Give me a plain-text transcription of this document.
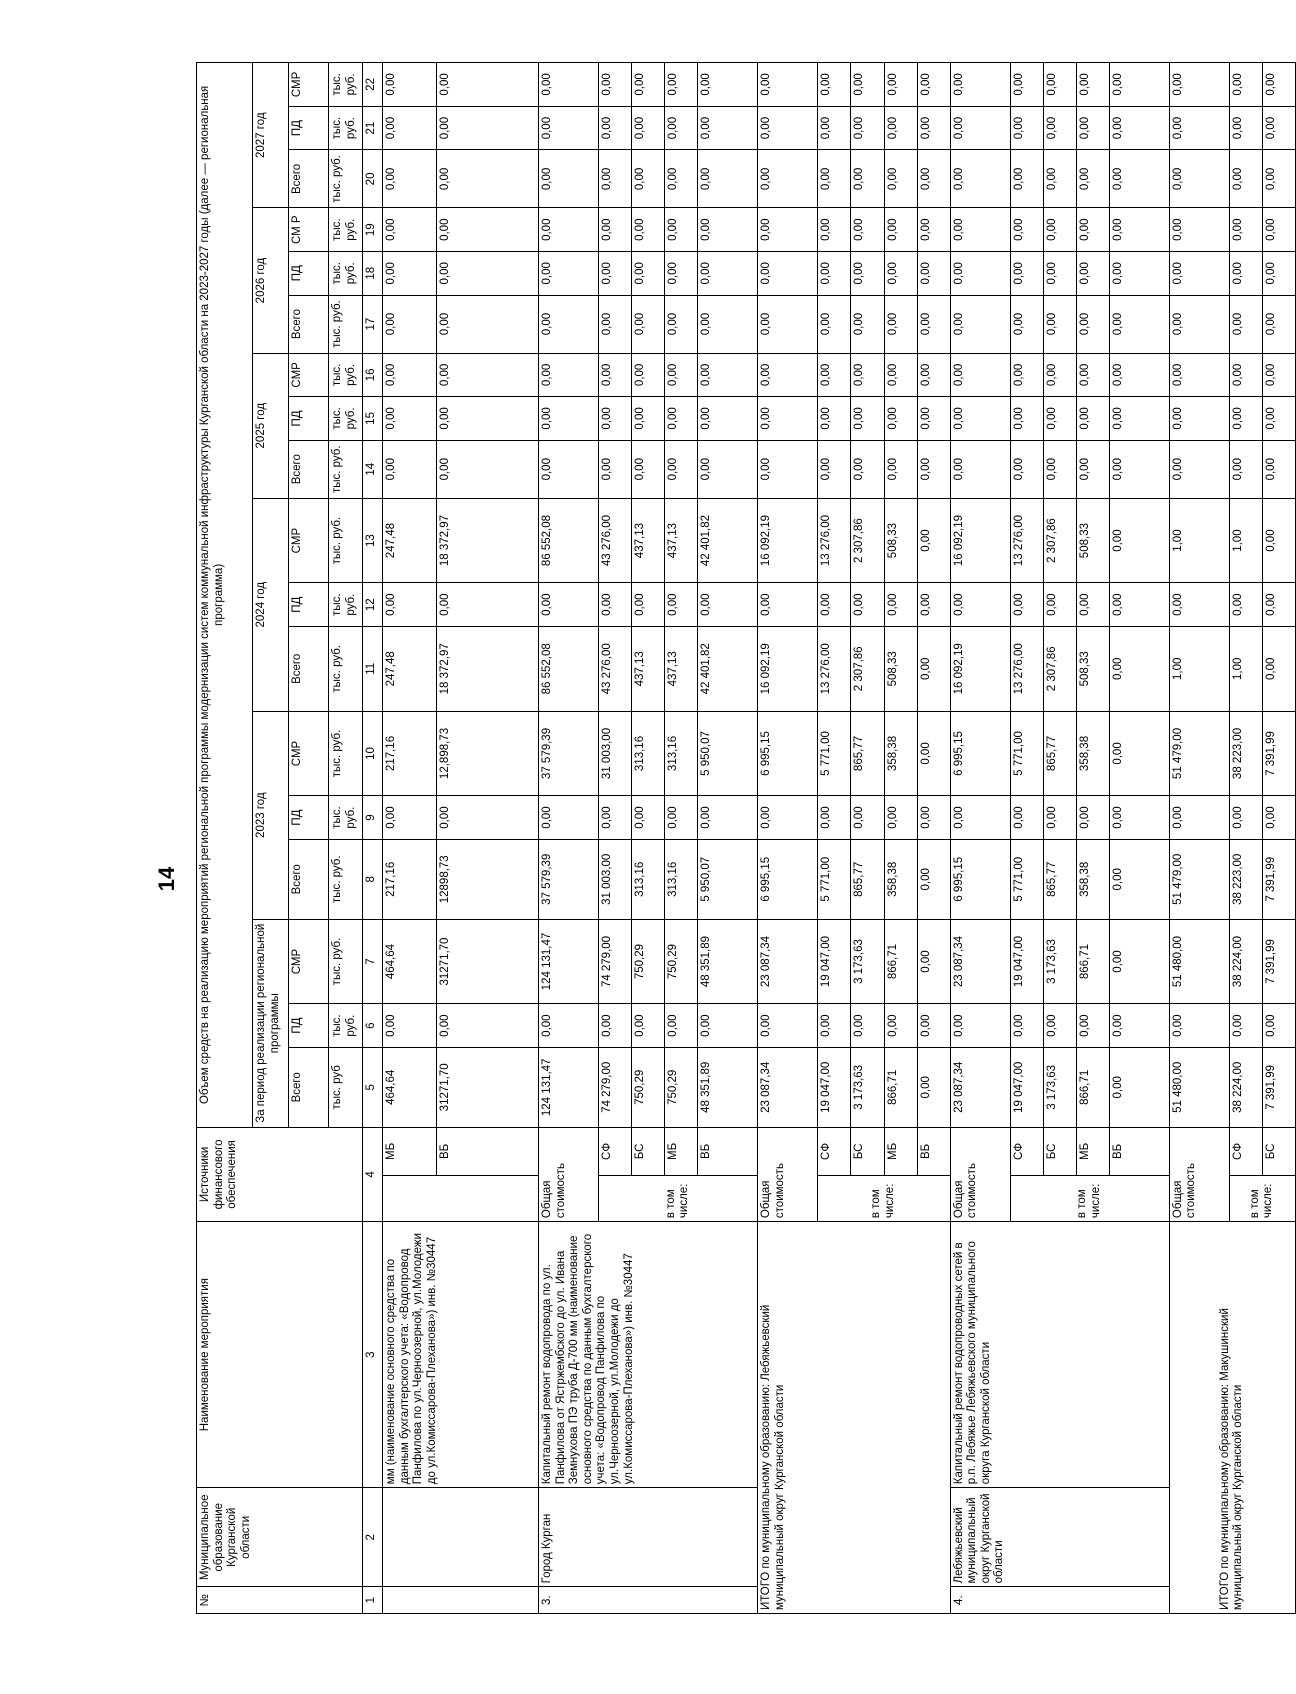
14
№	Муниципальное образование Курганской области	Наименование мероприятия	Источники финансового обеспечения		Объем средств на реализацию мероприятий региональной программы модернизации систем коммунальной инфраструктуры Курганской области на 2023-2027 годы (далее — региональная программа)																	
					За период реализации региональной программы			2023 год			2024 год			2025 год			2026 год			2027 год		
					Всего	ПД	СМР	Всего	ПД	СМР	Всего	ПД	СМР	Всего	ПД	СМР	Всего	ПД	СМ Р	Всего	ПД	СМР
					тыс. руб	тыс. руб.	тыс. руб.	тыс. руб.	тыс. руб.	тыс. руб.	тыс. руб.	тыс. руб.	тыс. руб.	тыс. руб.	тыс. руб.	тыс. руб.	тыс. руб.	тыс. руб.	тыс. руб.	тыс. руб.	тыс. руб.	тыс. руб.
1	2	3	4		5	6	7	8	9	10	11	12	13	14	15	16	17	18	19	20	21	22
		мм (наименование основного средства по данным бухгалтерского учета: «Водопровод Панфилова по ул.Черноозерной, ул.Молодежи до ул.Комиссарова-Плеханова») инв. №30447		МБ	464,64	0,00	464,64	217,16	0,00	217,16	247,48	0,00	247,48	0,00	0,00	0,00	0,00	0,00	0,00	0,00	0,00	0,00
				ВБ	31271,70	0,00	31271,70	12898,73	0,00	12,898,73	18 372,97	0,00	18 372,97	0,00	0,00	0,00	0,00	0,00	0,00	0,00	0,00	0,00
3.	Город Курган	Капитальный ремонт водопровода по ул. Панфилова от Ястржембского до ул. Ивана Земнухова ПЭ труба Д-700 мм (наименование основного средства по данным бухгалтерского учета: «Водопровод Панфилова по ул.Черноозерной, ул.Молодежи до ул.Комиссарова-Плеханова») инв. №30447	Общая стоимость		124 131,47	0,00	124 131,47	37 579,39	0,00	37 579,39	86 552,08	0,00	86 552,08	0,00	0,00	0,00	0,00	0,00	0,00	0,00	0,00	0,00
			в том числе:	СФ	74 279,00	0,00	74 279,00	31 003,00	0,00	31 003,00	43 276,00	0,00	43 276,00	0,00	0,00	0,00	0,00	0,00	0,00	0,00	0,00	0,00
				БС	750,29	0,00	750,29	313,16	0,00	313,16	437,13	0,00	437,13	0,00	0,00	0,00	0,00	0,00	0,00	0,00	0,00	0,00
				МБ	750,29	0,00	750,29	313,16	0,00	313,16	437,13	0,00	437,13	0,00	0,00	0,00	0,00	0,00	0,00	0,00	0,00	0,00
				ВБ	48 351,89	0,00	48 351,89	5 950,07	0,00	5 950,07	42 401,82	0,00	42 401,82	0,00	0,00	0,00	0,00	0,00	0,00	0,00	0,00	0,00
ИТОГО по муниципальному образованию: Лебяжьевский муниципальный округ Курганской области			Общая стоимость		23 087,34	0,00	23 087,34	6 995,15	0,00	6 995,15	16 092,19	0,00	16 092,19	0,00	0,00	0,00	0,00	0,00	0,00	0,00	0,00	0,00
			в том числе:	СФ	19 047,00	0,00	19 047,00	5 771,00	0,00	5 771,00	13 276,00	0,00	13 276,00	0,00	0,00	0,00	0,00	0,00	0,00	0,00	0,00	0,00
				БС	3 173,63	0,00	3 173,63	865,77	0,00	865,77	2 307,86	0,00	2 307,86	0,00	0,00	0,00	0,00	0,00	0,00	0,00	0,00	0,00
				МБ	866,71	0,00	866,71	358,38	0,00	358,38	508,33	0,00	508,33	0,00	0,00	0,00	0,00	0,00	0,00	0,00	0,00	0,00
				ВБ	0,00	0,00	0,00	0,00	0,00	0,00	0,00	0,00	0,00	0,00	0,00	0,00	0,00	0,00	0,00	0,00	0,00	0,00
4.	Лебяжьевский муниципальный округ Курганской области	Капитальный ремонт водопроводных сетей в р.п. Лебяжье Лебяжьевского муниципального округа Курганской области	Общая стоимость		23 087,34	0,00	23 087,34	6 995,15	0,00	6 995,15	16 092,19	0,00	16 092,19	0,00	0,00	0,00	0,00	0,00	0,00	0,00	0,00	0,00
			в том числе:	СФ	19 047,00	0,00	19 047,00	5 771,00	0,00	5 771,00	13 276,00	0,00	13 276,00	0,00	0,00	0,00	0,00	0,00	0,00	0,00	0,00	0,00
				БС	3 173,63	0,00	3 173,63	865,77	0,00	865,77	2 307,86	0,00	2 307,86	0,00	0,00	0,00	0,00	0,00	0,00	0,00	0,00	0,00
				МБ	866,71	0,00	866,71	358,38	0,00	358,38	508,33	0,00	508,33	0,00	0,00	0,00	0,00	0,00	0,00	0,00	0,00	0,00
				ВБ	0,00	0,00	0,00	0,00	0,00	0,00	0,00	0,00	0,00	0,00	0,00	0,00	0,00	0,00	0,00	0,00	0,00	0,00
ИТОГО по муниципальному образованию: Макушинский муниципальный округ Курганской области			Общая стоимость		51 480,00	0,00	51 480,00	51 479,00	0,00	51 479,00	1,00	0,00	1,00	0,00	0,00	0,00	0,00	0,00	0,00	0,00	0,00	0,00
			в том числе:	СФ	38 224,00	0,00	38 224,00	38 223,00	0,00	38 223,00	1,00	0,00	1,00	0,00	0,00	0,00	0,00	0,00	0,00	0,00	0,00	0,00
				БС	7 391,99	0,00	7 391,99	7 391,99	0,00	7 391,99	0,00	0,00	0,00	0,00	0,00	0,00	0,00	0,00	0,00	0,00	0,00	0,00
